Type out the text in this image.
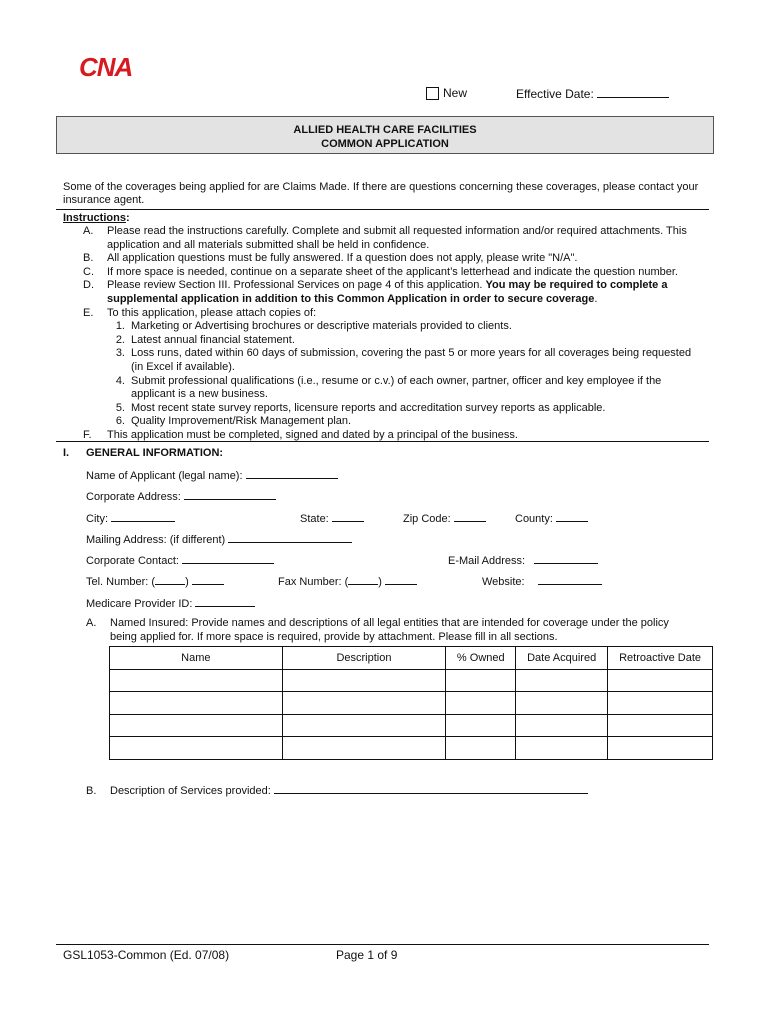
CNA
New	Effective Date:
ALLIED HEALTH CARE FACILITIES
COMMON APPLICATION
Some of the coverages being applied for are Claims Made. If there are questions concerning these coverages, please contact your insurance agent.
Instructions:
A.	Please read the instructions carefully. Complete and submit all requested information and/or required attachments. This
application and all materials submitted shall be held in confidence.
B.	All application questions must be fully answered. If a question does not apply, please write "N/A".
C.	If more space is needed, continue on a separate sheet of the applicant’s letterhead and indicate the question number.
D.	Please review Section III. Professional Services on page 4 of this application. You may be required to complete a
supplemental application in addition to this Common Application in order to secure coverage.
E.	To this application, please attach copies of:
1. Marketing or Advertising brochures or descriptive materials provided to clients.
2. Latest annual financial statement.
3. Loss runs, dated within 60 days of submission, covering the past 5 or more years for all coverages being requested
(in Excel if available).
4. Submit professional qualifications (i.e., resume or c.v.) of each owner, partner, officer and key employee if the
applicant is a new business.
5. Most recent state survey reports, licensure reports and accreditation survey reports as applicable.
6. Quality Improvement/Risk Management plan.
F.	This application must be completed, signed and dated by a principal of the business.
I. GENERAL INFORMATION:
Name of Applicant (legal name):
Corporate Address:
City:	State:	Zip Code:	County:
Mailing Address: (if different)
Corporate Contact:	E-Mail Address:
Tel. Number: (	)	Fax Number: (	)	Website:
Medicare Provider ID:
A.	Named Insured: Provide names and descriptions of all legal entities that are intended for coverage under the policy being applied for. If more space is required, provide by attachment. Please fill in all sections.
Name	Description	% Owned	Date Acquired	Retroactive Date

B. Description of Services provided:
GSL1053-Common (Ed. 07/08)	Page 1 of 9
